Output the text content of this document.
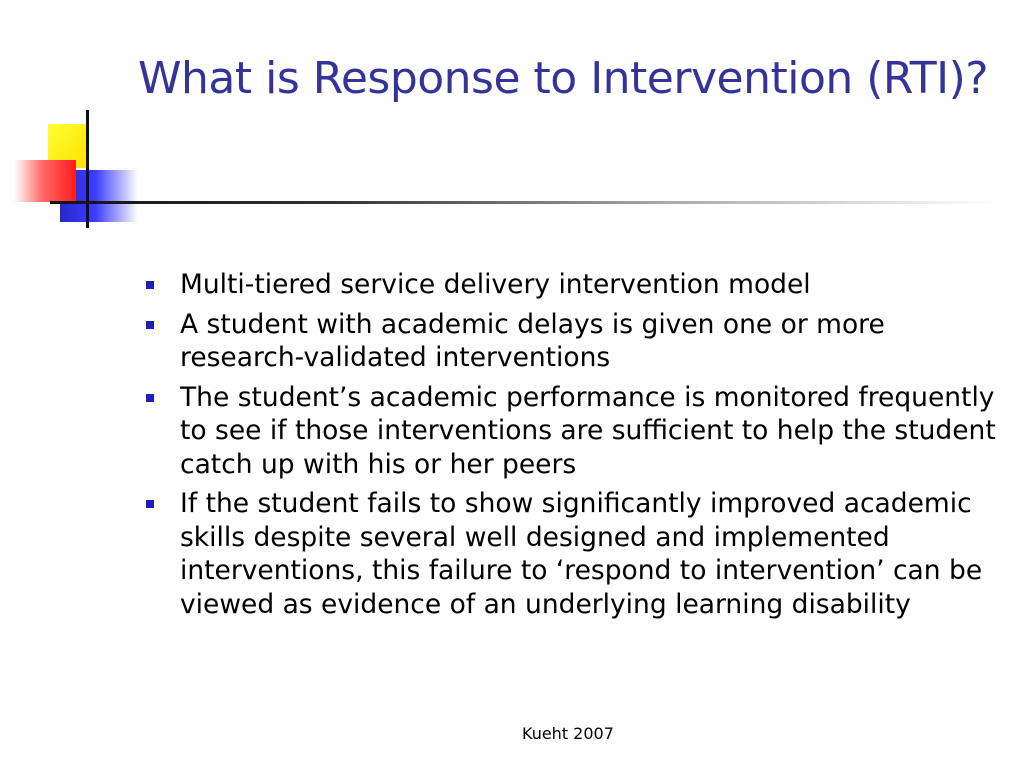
What is Response to Intervention (RTI)?
Multi-tiered service delivery intervention model
A student with academic delays is given one or more research-validated interventions
The student’s academic performance is monitored frequently to see if those interventions are sufficient to help the student catch up with his or her peers
If the student fails to show significantly improved academic skills despite several well designed and implemented interventions, this failure to ‘respond to intervention’ can be viewed as evidence of an underlying learning disability
Kueht 2007
